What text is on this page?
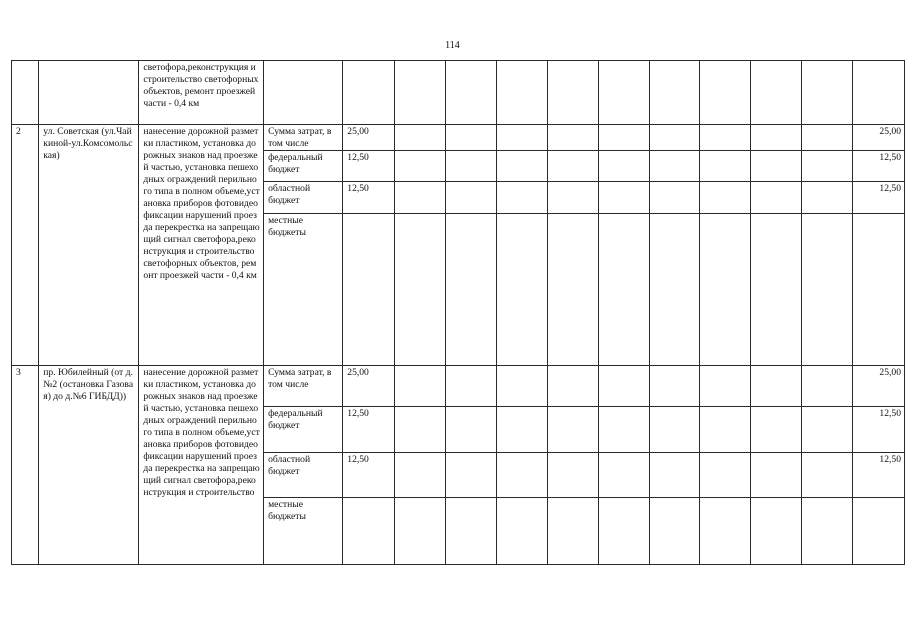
114
		светофора,реконструкция и строительство светофорных объектов, ремонт проезжей части - 0,4 км												
2	ул. Советская (ул.Чайкиной-ул.Комсомольская)	нанесение дорожной разметки пластиком, установка дорожных знаков над проезжей частью, установка пешеходных ограждений перильного типа в полном объеме,установка приборов фотовидеофиксации нарушений проезда перекрестка на запрещающий сигнал светофора,реконструкция и строительство светофорных объектов, ремонт проезжей части - 0,4 км	Сумма затрат, в том числе	25,00										25,00
			федеральный бюджет	12,50										12,50
			областной бюджет	12,50										12,50
			местные бюджеты											
3	пр. Юбилейный (от д.№2 (остановка Газовая) до д.№6 ГИБДД))	нанесение дорожной разметки пластиком, установка дорожных знаков над проезжей частью, установка пешеходных ограждений перильного типа в полном объеме,установка приборов фотовидеофиксации нарушений проезда перекрестка на запрещающий сигнал светофора,реконструкция и строительство	Сумма затрат, в том числе	25,00										25,00
			федеральный бюджет	12,50										12,50
			областной бюджет	12,50										12,50
			местные бюджеты											
